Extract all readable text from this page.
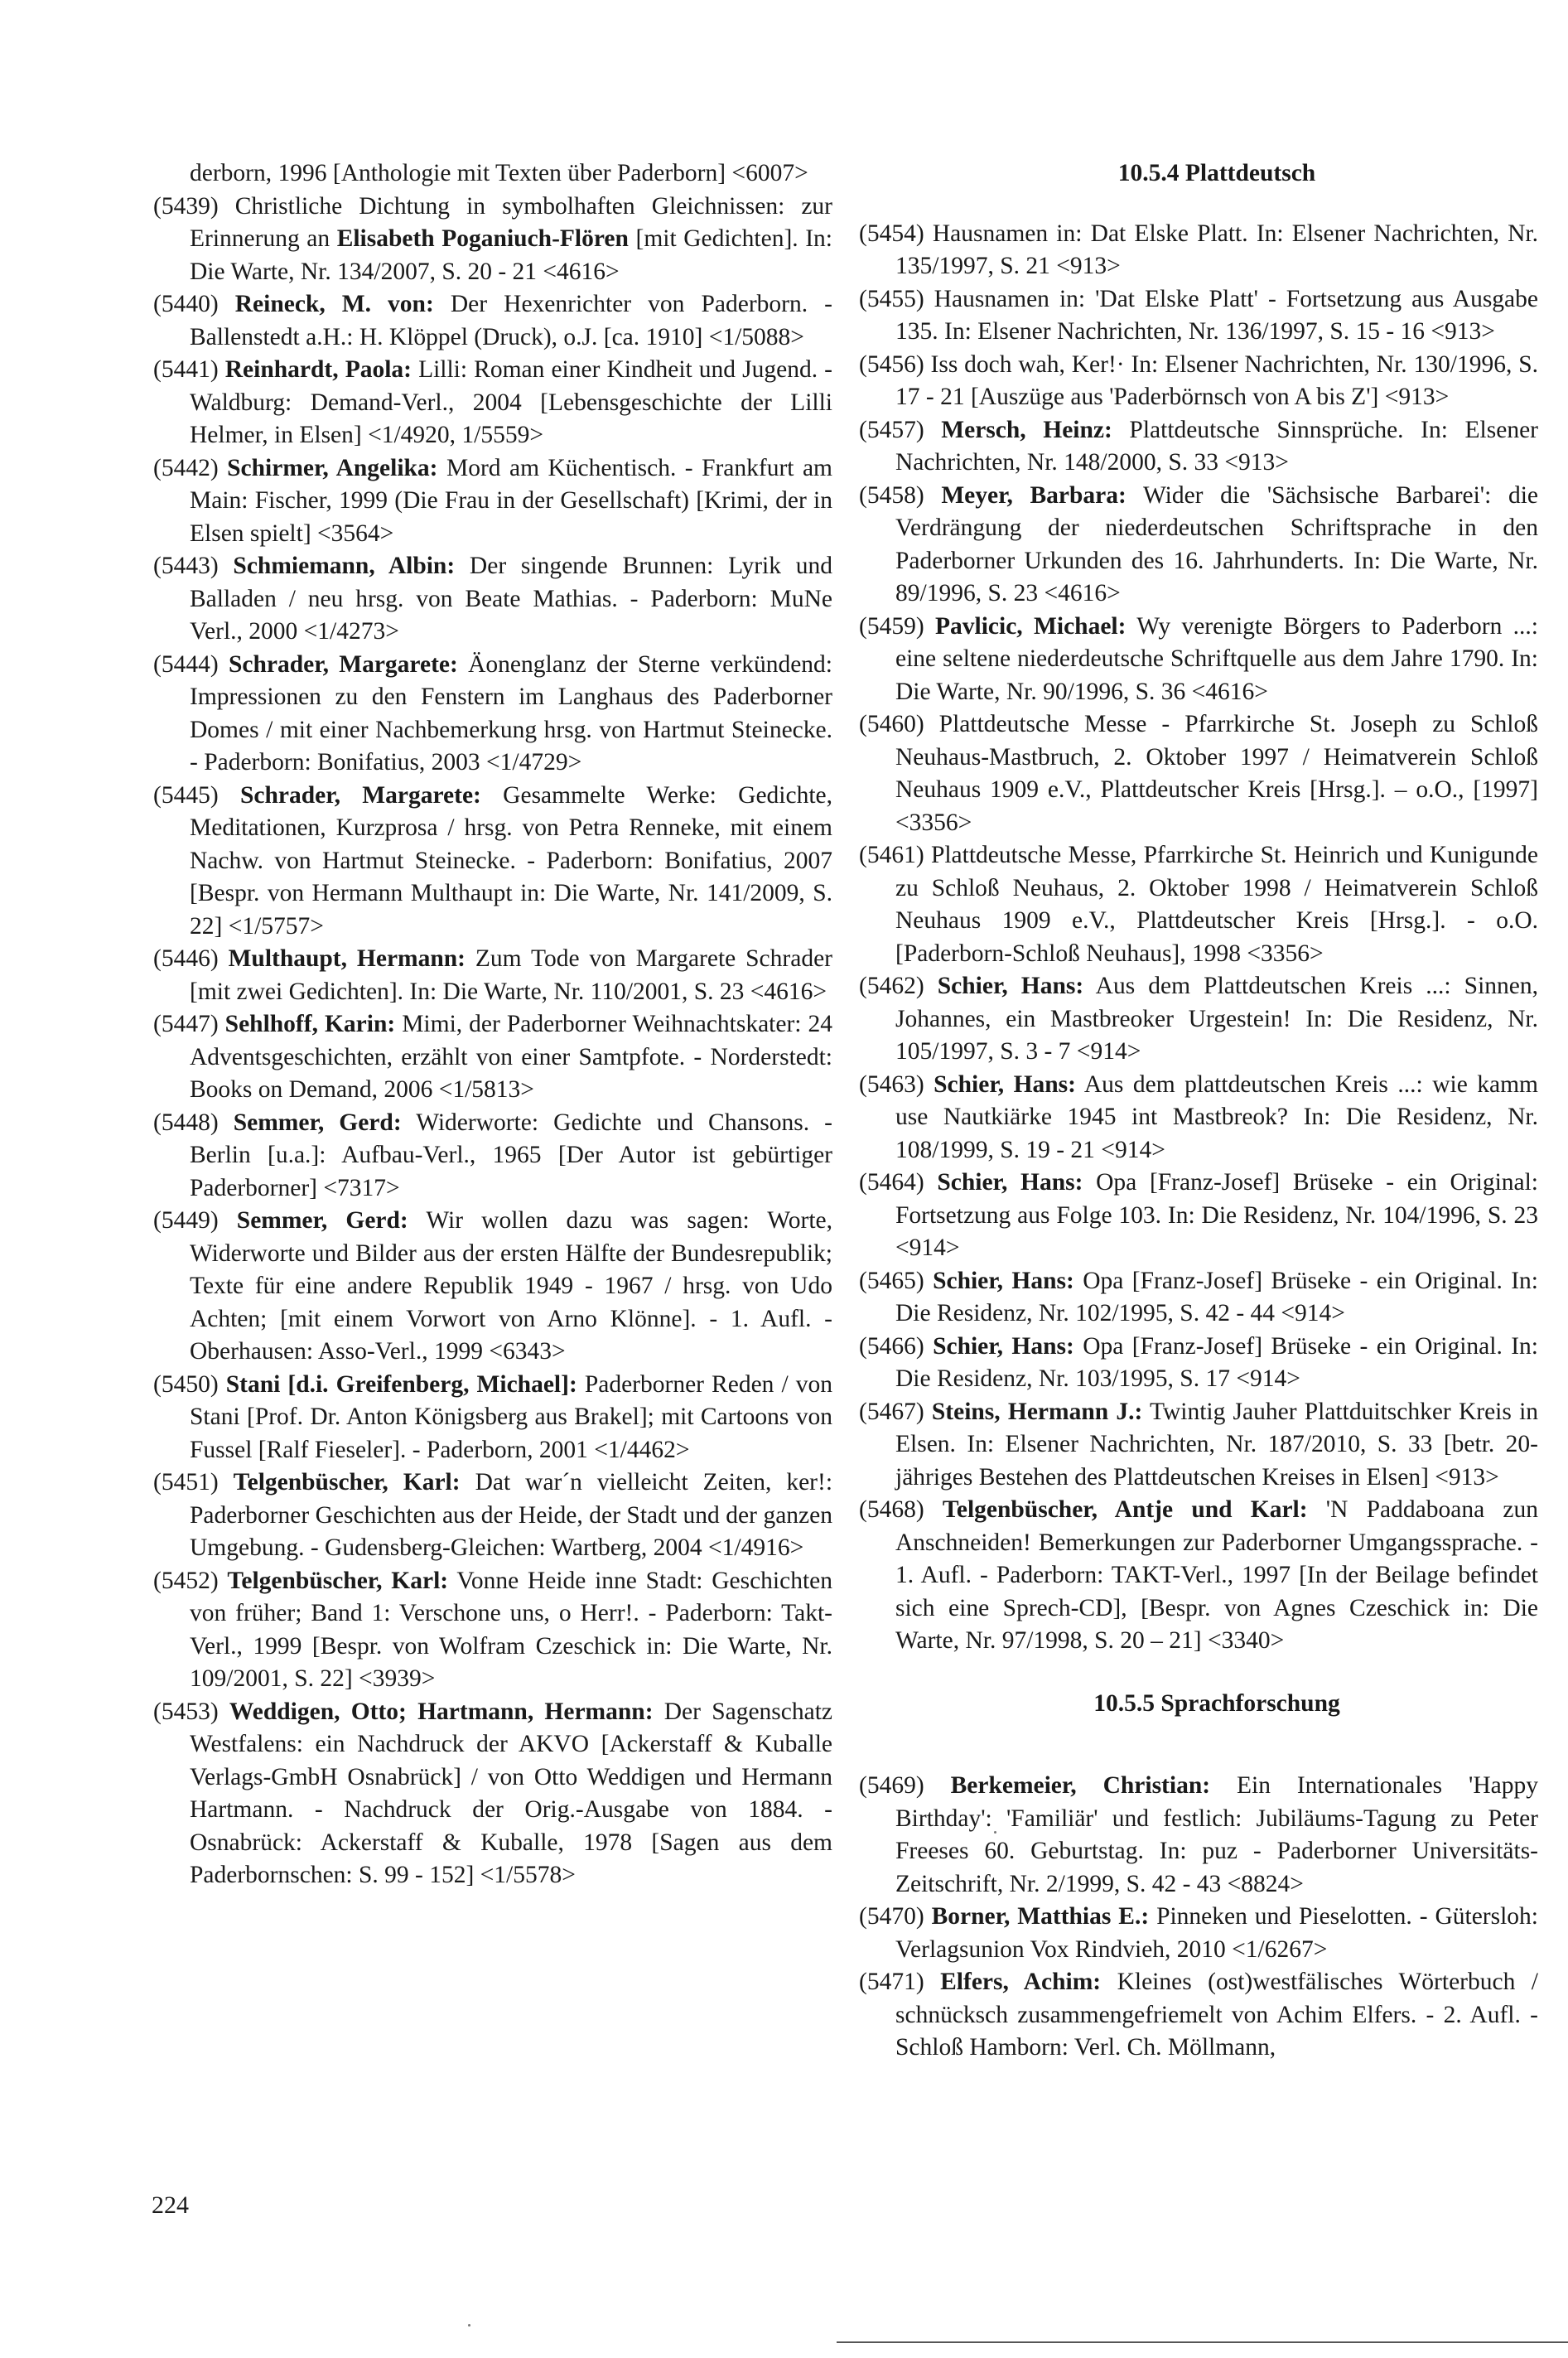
derborn, 1996 [Anthologie mit Texten über Paderborn] <6007>
(5439) Christliche Dichtung in symbolhaften Gleichnissen: zur Erinnerung an Elisabeth Poganiuch-Flören [mit Gedichten]. In: Die Warte, Nr. 134/2007, S. 20 - 21 <4616>
(5440) Reineck, M. von: Der Hexenrichter von Paderborn. - Ballenstedt a.H.: H. Klöppel (Druck), o.J. [ca. 1910] <1/5088>
(5441) Reinhardt, Paola: Lilli: Roman einer Kindheit und Jugend. - Waldburg: Demand-Verl., 2004 [Lebensgeschichte der Lilli Helmer, in Elsen] <1/4920, 1/5559>
(5442) Schirmer, Angelika: Mord am Küchentisch. - Frankfurt am Main: Fischer, 1999 (Die Frau in der Gesellschaft) [Krimi, der in Elsen spielt] <3564>
(5443) Schmiemann, Albin: Der singende Brunnen: Lyrik und Balladen / neu hrsg. von Beate Mathias. - Paderborn: MuNe Verl., 2000 <1/4273>
(5444) Schrader, Margarete: Äonenglanz der Sterne verkündend: Impressionen zu den Fenstern im Langhaus des Paderborner Domes / mit einer Nachbemerkung hrsg. von Hartmut Steinecke. - Paderborn: Bonifatius, 2003 <1/4729>
(5445) Schrader, Margarete: Gesammelte Werke: Gedichte, Meditationen, Kurzprosa / hrsg. von Petra Renneke, mit einem Nachw. von Hartmut Steinecke. - Paderborn: Bonifatius, 2007 [Bespr. von Hermann Multhaupt in: Die Warte, Nr. 141/2009, S. 22] <1/5757>
(5446) Multhaupt, Hermann: Zum Tode von Margarete Schrader [mit zwei Gedichten]. In: Die Warte, Nr. 110/2001, S. 23 <4616>
(5447) Sehlhoff, Karin: Mimi, der Paderborner Weihnachtskater: 24 Adventsgeschichten, erzählt von einer Samtpfote. - Norderstedt: Books on Demand, 2006 <1/5813>
(5448) Semmer, Gerd: Widerworte: Gedichte und Chansons. - Berlin [u.a.]: Aufbau-Verl., 1965 [Der Autor ist gebürtiger Paderborner] <7317>
(5449) Semmer, Gerd: Wir wollen dazu was sagen: Worte, Widerworte und Bilder aus der ersten Hälfte der Bundesrepublik; Texte für eine andere Republik 1949 - 1967 / hrsg. von Udo Achten; [mit einem Vorwort von Arno Klönne]. - 1. Aufl. - Oberhausen: Asso-Verl., 1999 <6343>
(5450) Stani [d.i. Greifenberg, Michael]: Paderborner Reden / von Stani [Prof. Dr. Anton Königsberg aus Brakel]; mit Cartoons von Fussel [Ralf Fieseler]. - Paderborn, 2001 <1/4462>
(5451) Telgenbüscher, Karl: Dat war´n vielleicht Zeiten, ker!: Paderborner Geschichten aus der Heide, der Stadt und der ganzen Umgebung. - Gudensberg-Gleichen: Wartberg, 2004 <1/4916>
(5452) Telgenbüscher, Karl: Vonne Heide inne Stadt: Geschichten von früher; Band 1: Verschone uns, o Herr!. - Paderborn: Takt-Verl., 1999 [Bespr. von Wolfram Czeschick in: Die Warte, Nr. 109/2001, S. 22] <3939>
(5453) Weddigen, Otto; Hartmann, Hermann: Der Sagenschatz Westfalens: ein Nachdruck der AKVO [Ackerstaff & Kuballe Verlags-GmbH Osnabrück] / von Otto Weddigen und Hermann Hartmann. - Nachdruck der Orig.-Ausgabe von 1884. - Osnabrück: Ackerstaff & Kuballe, 1978 [Sagen aus dem Paderbornschen: S. 99 - 152] <1/5578>
10.5.4 Plattdeutsch
(5454) Hausnamen in: Dat Elske Platt. In: Elsener Nachrichten, Nr. 135/1997, S. 21 <913>
(5455) Hausnamen in: 'Dat Elske Platt' - Fortsetzung aus Ausgabe 135. In: Elsener Nachrichten, Nr. 136/1997, S. 15 - 16 <913>
(5456) Iss doch wah, Ker!· In: Elsener Nachrichten, Nr. 130/1996, S. 17 - 21 [Auszüge aus 'Paderbörnsch von A bis Z'] <913>
(5457) Mersch, Heinz: Plattdeutsche Sinnsprüche. In: Elsener Nachrichten, Nr. 148/2000, S. 33 <913>
(5458) Meyer, Barbara: Wider die 'Sächsische Barbarei': die Verdrängung der niederdeutschen Schriftsprache in den Paderborner Urkunden des 16. Jahrhunderts. In: Die Warte, Nr. 89/1996, S. 23 <4616>
(5459) Pavlicic, Michael: Wy verenigte Börgers to Paderborn ...: eine seltene niederdeutsche Schriftquelle aus dem Jahre 1790. In: Die Warte, Nr. 90/1996, S. 36 <4616>
(5460) Plattdeutsche Messe - Pfarrkirche St. Joseph zu Schloß Neuhaus-Mastbruch, 2. Oktober 1997 / Heimatverein Schloß Neuhaus 1909 e.V., Plattdeutscher Kreis [Hrsg.]. – o.O., [1997] <3356>
(5461) Plattdeutsche Messe, Pfarrkirche St. Heinrich und Kunigunde zu Schloß Neuhaus, 2. Oktober 1998 / Heimatverein Schloß Neuhaus 1909 e.V., Plattdeutscher Kreis [Hrsg.]. - o.O. [Paderborn-Schloß Neuhaus], 1998 <3356>
(5462) Schier, Hans: Aus dem Plattdeutschen Kreis ...: Sinnen, Johannes, ein Mastbreoker Urgestein! In: Die Residenz, Nr. 105/1997, S. 3 - 7 <914>
(5463) Schier, Hans: Aus dem plattdeutschen Kreis ...: wie kamm use Nautkiärke 1945 int Mastbreok? In: Die Residenz, Nr. 108/1999, S. 19 - 21 <914>
(5464) Schier, Hans: Opa [Franz-Josef] Brüseke - ein Original: Fortsetzung aus Folge 103. In: Die Residenz, Nr. 104/1996, S. 23 <914>
(5465) Schier, Hans: Opa [Franz-Josef] Brüseke - ein Original. In: Die Residenz, Nr. 102/1995, S. 42 - 44 <914>
(5466) Schier, Hans: Opa [Franz-Josef] Brüseke - ein Original. In: Die Residenz, Nr. 103/1995, S. 17 <914>
(5467) Steins, Hermann J.: Twintig Jauher Plattduitschker Kreis in Elsen. In: Elsener Nachrichten, Nr. 187/2010, S. 33 [betr. 20-jähriges Bestehen des Plattdeutschen Kreises in Elsen] <913>
(5468) Telgenbüscher, Antje und Karl: 'N Paddaboana zun Anschneiden! Bemerkungen zur Paderborner Umgangssprache. - 1. Aufl. - Paderborn: TAKT-Verl., 1997 [In der Beilage befindet sich eine Sprech-CD], [Bespr. von Agnes Czeschick in: Die Warte, Nr. 97/1998, S. 20 – 21] <3340>
10.5.5 Sprachforschung
(5469) Berkemeier, Christian: Ein Internationales 'Happy Birthday': 'Familiär' und festlich: Jubiläums-Tagung zu Peter Freeses 60. Geburtstag. In: puz - Paderborner Universitäts-Zeitschrift, Nr. 2/1999, S. 42 - 43 <8824>
(5470) Borner, Matthias E.: Pinneken und Pieselotten. - Gütersloh: Verlagsunion Vox Rindvieh, 2010 <1/6267>
(5471) Elfers, Achim: Kleines (ost)westfälisches Wörterbuch / schnücksch zusammengefriemelt von Achim Elfers. - 2. Aufl. - Schloß Hamborn: Verl. Ch. Möllmann,
224
